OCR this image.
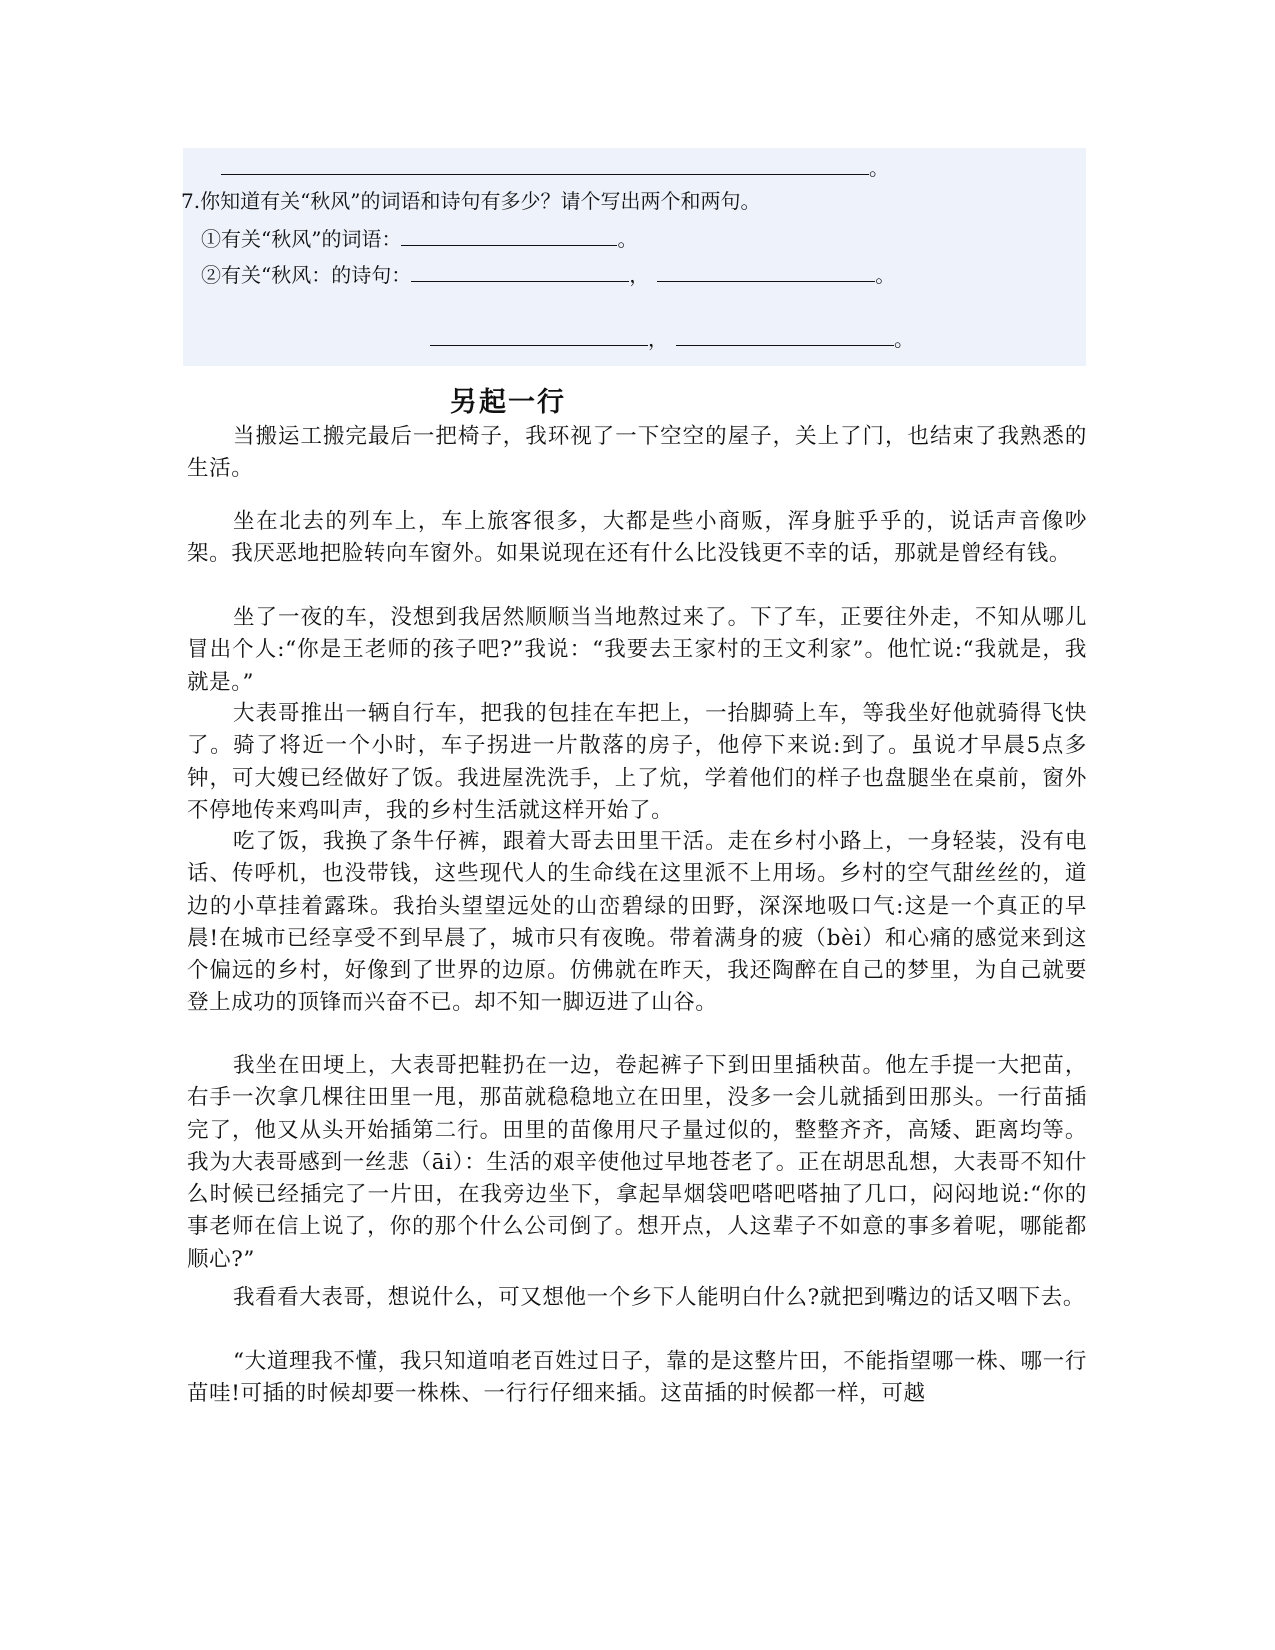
。
7.你知道有关“秋风”的词语和诗句有多少？请个写出两个和两句。
①有关“秋风”的词语：	。
②有关“秋风：的诗句：	，	。
，	。
另起一行

当搬运工搬完最后一把椅子，我环视了一下空空的屋子，关上了门，也结束了我熟悉的生活。

坐在北去的列车上，车上旅客很多，大都是些小商贩，浑身脏乎乎的，说话声音像吵架。我厌恶地把脸转向车窗外。如果说现在还有什么比没钱更不幸的话，那就是曾经有钱。

坐了一夜的车，没想到我居然顺顺当当地熬过来了。下了车，正要往外走，不知从哪儿冒出个人:“你是王老师的孩子吧?”我说：“我要去王家村的王文利家”。他忙说:“我就是，我就是。”

大表哥推出一辆自行车，把我的包挂在车把上，一抬脚骑上车，等我坐好他就骑得飞快了。骑了将近一个小时，车子拐进一片散落的房子，他停下来说:到了。虽说才早晨5点多钟，可大嫂已经做好了饭。我进屋洗洗手，上了炕，学着他们的样子也盘腿坐在桌前，窗外不停地传来鸡叫声，我的乡村生活就这样开始了。

吃了饭，我换了条牛仔裤，跟着大哥去田里干活。走在乡村小路上，一身轻装，没有电话、传呼机，也没带钱，这些现代人的生命线在这里派不上用场。乡村的空气甜丝丝的，道边的小草挂着露珠。我抬头望望远处的山峦碧绿的田野，深深地吸口气:这是一个真正的早晨!在城市已经享受不到早晨了，城市只有夜晚。带着满身的疲（bèi）和心痛的感觉来到这个偏远的乡村，好像到了世界的边原。仿佛就在昨天，我还陶醉在自己的梦里，为自己就要登上成功的顶锋而兴奋不已。却不知一脚迈进了山谷。

我坐在田埂上，大表哥把鞋扔在一边，卷起裤子下到田里插秧苗。他左手提一大把苗，右手一次拿几棵往田里一甩，那苗就稳稳地立在田里，没多一会儿就插到田那头。一行苗插完了，他又从头开始插第二行。田里的苗像用尺子量过似的，整整齐齐，高矮、距离均等。我为大表哥感到一丝悲（āi）：生活的艰辛使他过早地苍老了。正在胡思乱想，大表哥不知什么时候已经插完了一片田，在我旁边坐下，拿起旱烟袋吧嗒吧嗒抽了几口，闷闷地说:“你的事老师在信上说了，你的那个什么公司倒了。想开点，人这辈子不如意的事多着呢，哪能都顺心?”

我看看大表哥，想说什么，可又想他一个乡下人能明白什么?就把到嘴边的话又咽下去。

“大道理我不懂，我只知道咱老百姓过日子，靠的是这整片田，不能指望哪一株、哪一行苗哇!可插的时候却要一株株、一行行仔细来插。这苗插的时候都一样，可越
